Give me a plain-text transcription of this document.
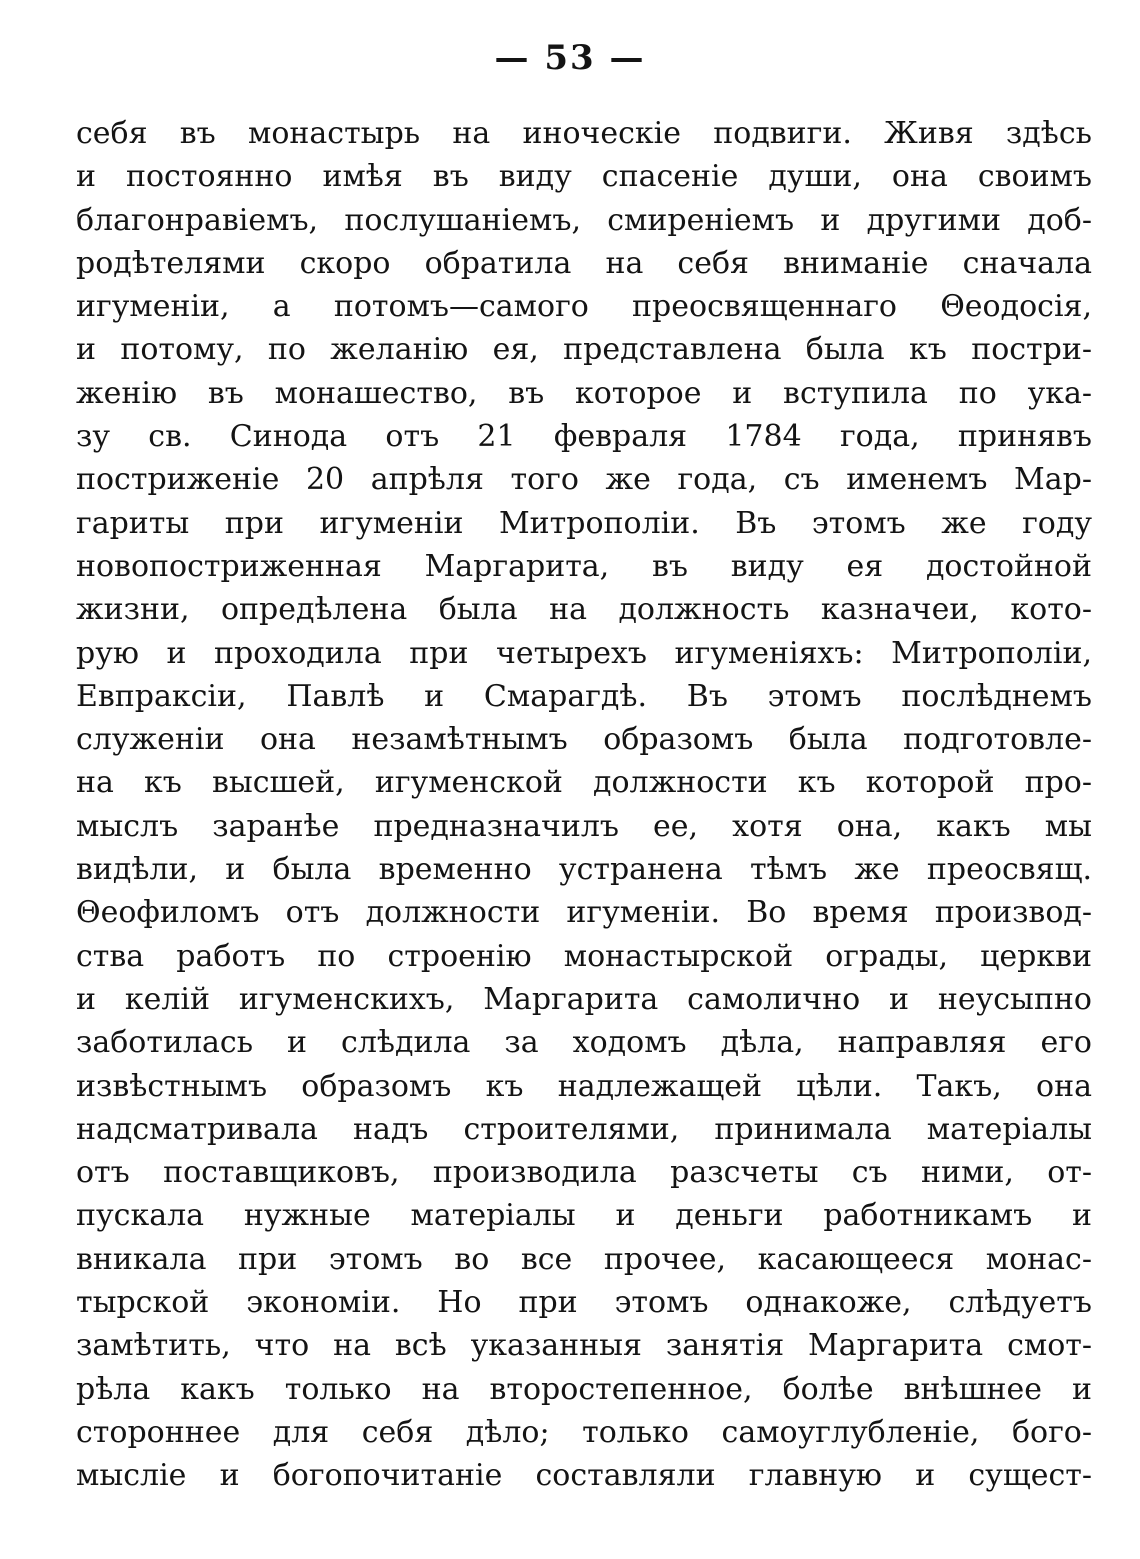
— 53 —
себя въ монастырь на иноческіе подвиги. Живя здѣсь
и постоянно имѣя въ виду спасеніе души, она своимъ
благонравіемъ, послушаніемъ, смиреніемъ и другими доб-
родѣтелями скоро обратила на себя вниманіе сначала
игуменіи, а потомъ—самого преосвященнаго Θеодосія,
и потому, по желанію ея, представлена была къ постри-
женію въ монашество, въ которое и вступила по ука-
зу св. Синода отъ 21 февраля 1784 года, принявъ
постриженіе 20 апрѣля того же года, съ именемъ Мар-
гариты при игуменіи Митрополіи. Въ этомъ же году
новопостриженная Маргарита, въ виду ея достойной
жизни, опредѣлена была на должность казначеи, кото-
рую и проходила при четырехъ игуменіяхъ: Митрополіи,
Евпраксіи, Павлѣ и Смарагдѣ. Въ этомъ послѣднемъ
служеніи она незамѣтнымъ образомъ была подготовле-
на къ высшей, игуменской должности къ которой про-
мыслъ заранѣе предназначилъ ее, хотя она, какъ мы
видѣли, и была временно устранена тѣмъ же преосвящ.
Θеофиломъ отъ должности игуменіи. Во время производ-
ства работъ по строенію монастырской ограды, церкви
и келій игуменскихъ, Маргарита самолично и неусыпно
заботилась и слѣдила за ходомъ дѣла, направляя его
извѣстнымъ образомъ къ надлежащей цѣли. Такъ, она
надсматривала надъ строителями, принимала матеріалы
отъ поставщиковъ, производила разсчеты съ ними, от-
пускала нужные матеріалы и деньги работникамъ и
вникала при этомъ во все прочее, касающееся монас-
тырской экономіи. Но при этомъ однакоже, слѣдуетъ
замѣтить, что на всѣ указанныя занятія Маргарита смот-
рѣла какъ только на второстепенное, болѣе внѣшнее и
стороннее для себя дѣло; только самоуглубленіе, бого-
мысліе и богопочитаніе составляли главную и сущест-
